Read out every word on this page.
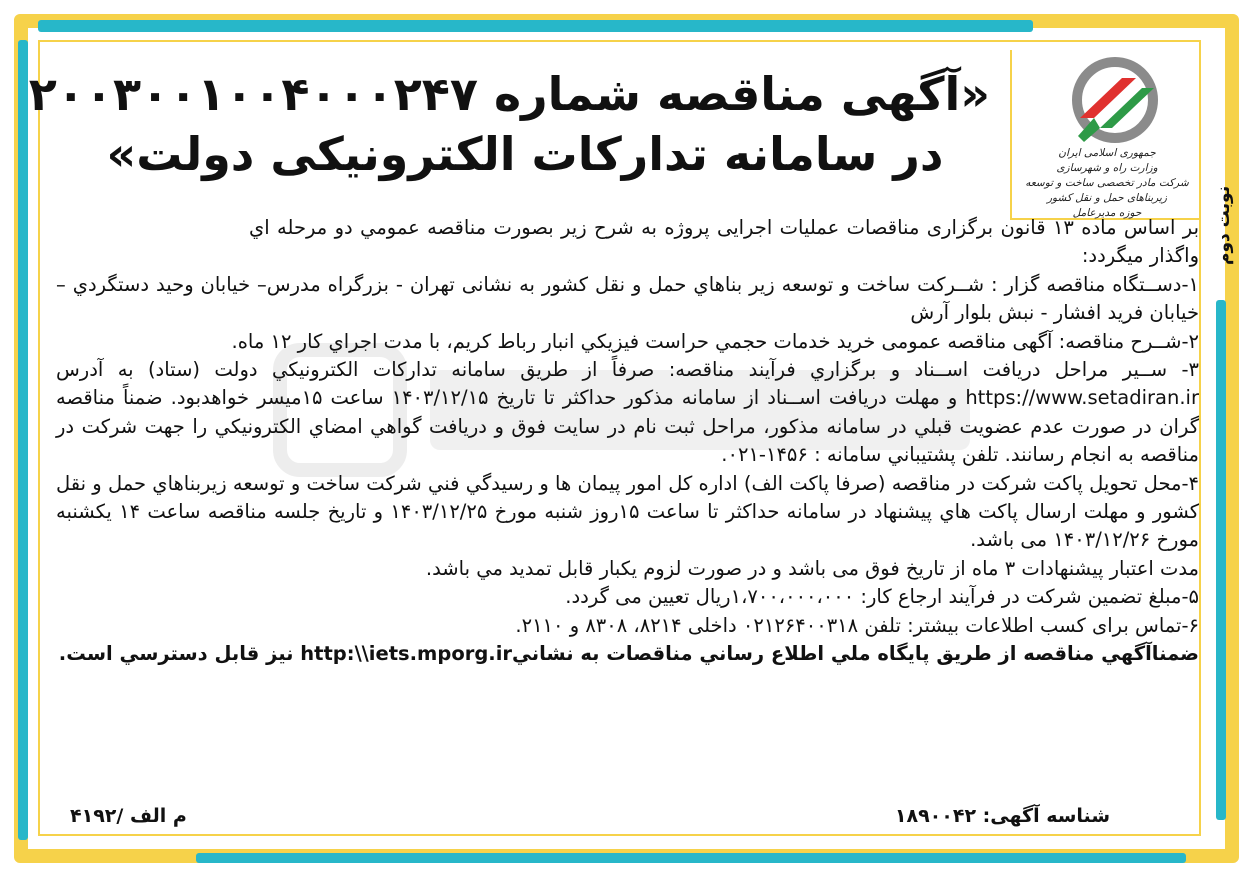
نوبت دوم
جمهوری اسلامی ایران
وزارت راه و شهرسازی
شرکت مادر تخصصی ساخت و توسعه زیربناهای حمل و نقل کشور
حوزه مدیرعامل
«آگهی مناقصه شماره ۲۰۰۳۰۰۱۰۰۴۰۰۰۲۴۷
در سامانه تدارکات الکترونیکی دولت»

بر اساس ماده ۱۳ قانون برگزاری مناقصات عمليات اجرايی پروژه به شرح زير بصورت مناقصه عمومي دو مرحله اي واگذار ميگردد:

۱-دســتگاه مناقصه گزار : شــرکت ساخت و توسعه زير بناهاي حمل و نقل کشور به نشانی تهران - بزرگراه مدرس– خيابان وحيد دستگردي – خيابان فريد افشار - نبش بلوار آرش

۲-شــرح مناقصه: آگهی مناقصه عمومی خريد خدمات حجمي حراست فيزيکي انبار رباط کريم، با مدت اجراي کار ۱۲ ماه.

۳- ســير مراحل دريافت اســناد و برگزاري فرآيند مناقصه: صرفاً از طريق سامانه تدارکات الکترونيکي دولت (ستاد) به آدرس https://www.setadiran.ir و مهلت دريافت اســناد از سامانه مذکور حداکثر تا تاريخ ۱۴۰۳/۱۲/۱۵ ساعت ۱۵ميسر خواهدبود. ضمناً مناقصه گران در صورت عدم عضويت قبلي در سامانه مذکور، مراحل ثبت نام در سايت فوق و دريافت گواهي امضاي الکترونيکي را جهت شرکت در مناقصه به انجام رسانند. تلفن پشتيباني سامانه : ۱۴۵۶-۰۲۱.

۴-محل تحويل پاکت شرکت در مناقصه (صرفا پاکت الف) اداره کل امور پيمان ها و رسيدگي فني شرکت ساخت و توسعه زيربناهاي حمل و نقل کشور و مهلت ارسال پاکت هاي پيشنهاد در سامانه حداکثر تا ساعت ۱۵روز شنبه مورخ ۱۴۰۳/۱۲/۲۵ و تاريخ جلسه مناقصه ساعت ۱۴ يکشنبه مورخ ۱۴۰۳/۱۲/۲۶ مى باشد.

مدت اعتبار پيشنهادات ۳ ماه از تاريخ فوق مى باشد و در صورت لزوم يکبار قابل تمديد مي باشد.

۵-مبلغ تضمين شرکت در فرآيند ارجاع کار: ۱،۷۰۰،۰۰۰،۰۰۰ريال تعيين می گردد.

۶-تماس برای کسب اطلاعات بيشتر: تلفن ۰۲۱۲۶۴۰۰۳۱۸ داخلی ۸۲۱۴، ۸۳۰۸ و ۲۱۱۰.

ضمناآگهي مناقصه از طريق پايگاه ملي اطلاع رساني مناقصات به نشانيhttp:\\iets.mporg.ir نيز قابل دسترسي است.

شناسه آگهی: ۱۸۹۰۰۴۲
م الف /۴۱۹۲
